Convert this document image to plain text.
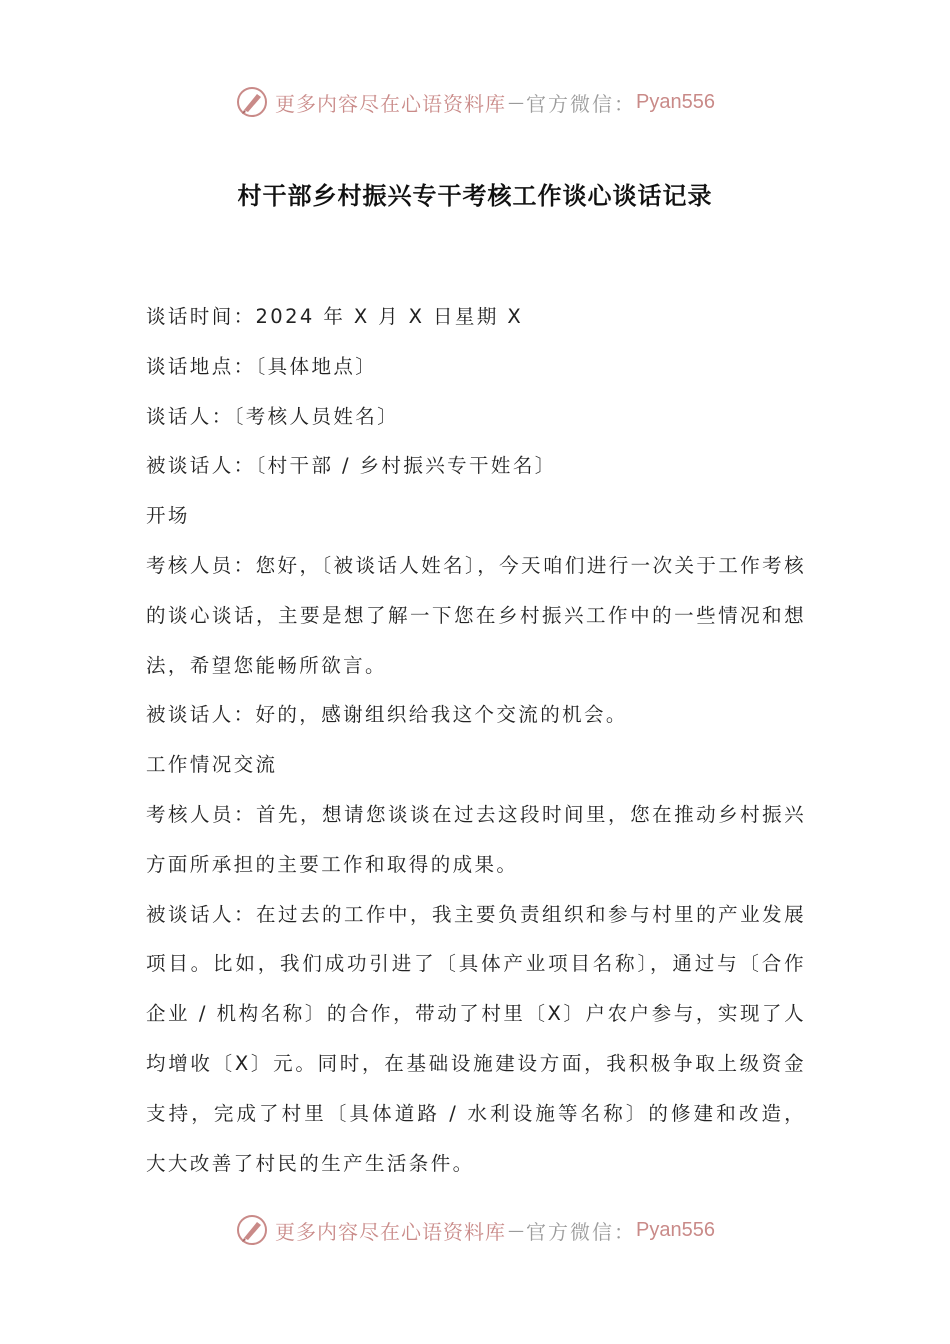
更多内容尽在心语资料库 — 官方微信： Pyan556
村干部乡村振兴专干考核工作谈心谈话记录

谈话时间：2024 年 X 月 X 日星期 X

谈话地点：〔具体地点〕

谈话人：〔考核人员姓名〕

被谈话人：〔村干部 / 乡村振兴专干姓名〕

开场

考核人员：您好，〔被谈话人姓名〕，今天咱们进行一次关于工作考核的谈心谈话，主要是想了解一下您在乡村振兴工作中的一些情况和想法，希望您能畅所欲言。

被谈话人：好的，感谢组织给我这个交流的机会。

工作情况交流

考核人员：首先，想请您谈谈在过去这段时间里，您在推动乡村振兴方面所承担的主要工作和取得的成果。

被谈话人：在过去的工作中，我主要负责组织和参与村里的产业发展项目。比如，我们成功引进了〔具体产业项目名称〕，通过与〔合作企业 / 机构名称〕的合作，带动了村里〔X〕户农户参与，实现了人均增收〔X〕元。同时，在基础设施建设方面，我积极争取上级资金支持，完成了村里〔具体道路 / 水利设施等名称〕的修建和改造，大大改善了村民的生产生活条件。

更多内容尽在心语资料库 — 官方微信： Pyan556
